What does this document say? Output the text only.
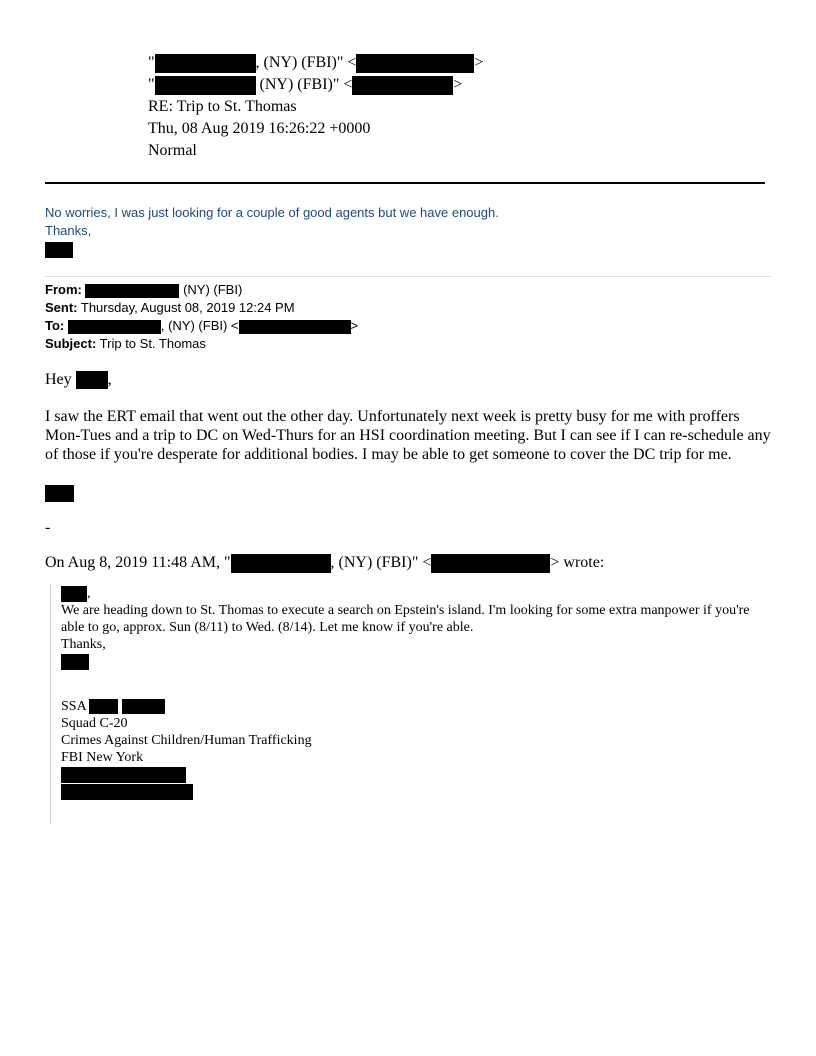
"	, (NY) (FBI)" <	>
"	(NY) (FBI)" <	>
RE: Trip to St. Thomas
Thu, 08 Aug 2019 16:26:22 +0000
Normal
No worries, I was just looking for a couple of good agents but we have enough.
Thanks,
From:	(NY) (FBI)
Sent: Thursday, August 08, 2019 12:24 PM
To:	, (NY) (FBI) <	>
Subject: Trip to St. Thomas

Hey ,

I saw the ERT email that went out the other day. Unfortunately next week is pretty busy for me with proffers Mon-Tues and a trip to DC on Wed-Thurs for an HSI coordination meeting. But I can see if I can re-schedule any of those if you're desperate for additional bodies. I may be able to get someone to cover the DC trip for me.

-

On Aug 8, 2019 11:48 AM, "	, (NY) (FBI)" <	> wrote:

,
We are heading down to St. Thomas to execute a search on Epstein's island. I'm looking for some extra manpower if you're able to go, approx. Sun (8/11) to Wed. (8/14). Let me know if you're able.
Thanks,
SSA
Squad C-20
Crimes Against Children/Human Trafficking
FBI New York
